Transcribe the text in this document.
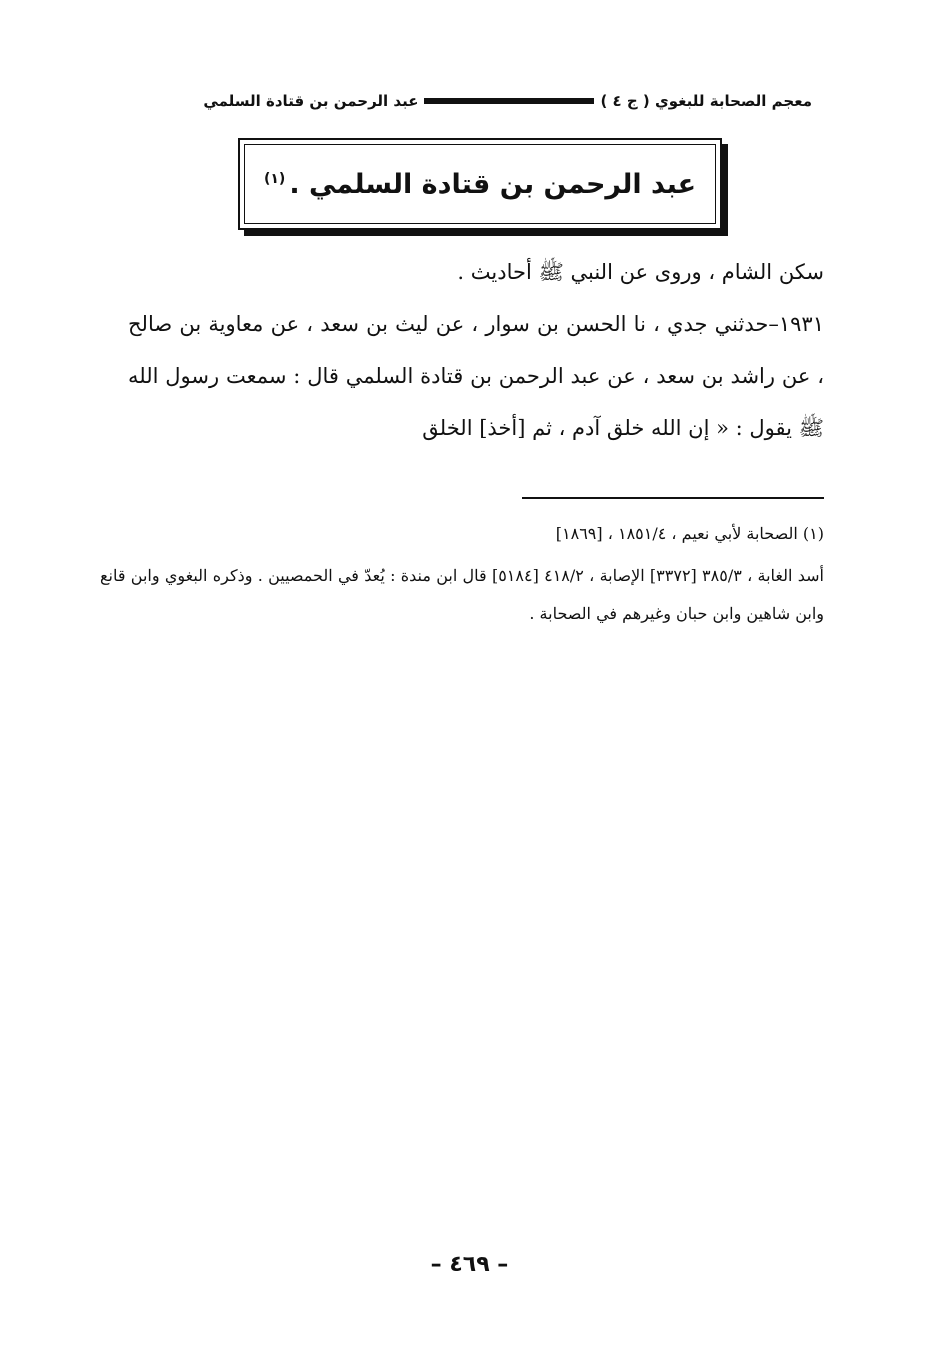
معجم الصحابة للبغوي ( ج ٤ )
عبد الرحمن بن قتادة السلمي
عبد الرحمن بن قتادة السلمي .$^{(١)}$

سكن الشام ، وروى عن النبي ﷺ أحاديث .

١٩٣١–حدثني جدي ، نا الحسن بن سوار ، عن ليث بن سعد ، عن معاوية بن صالح ، عن راشد بن سعد ، عن عبد الرحمن بن قتادة السلمي قال : سمعت رسول الله ﷺ يقول : « إن الله خلق آدم ، ثم [أخذ] الخلق

(١) الصحابة لأبي نعيم ، ١٨٥١/٤ ، [١٨٦٩]

أسد الغابة ، ٣٨٥/٣ [٣٣٧٢] الإصابة ، ٤١٨/٢ [٥١٨٤] قال ابن مندة : يُعدّ في الحمصيين . وذكره البغوي وابن قانع وابن شاهين وابن حبان وغيرهم في الصحابة .

– ٤٦٩ –
